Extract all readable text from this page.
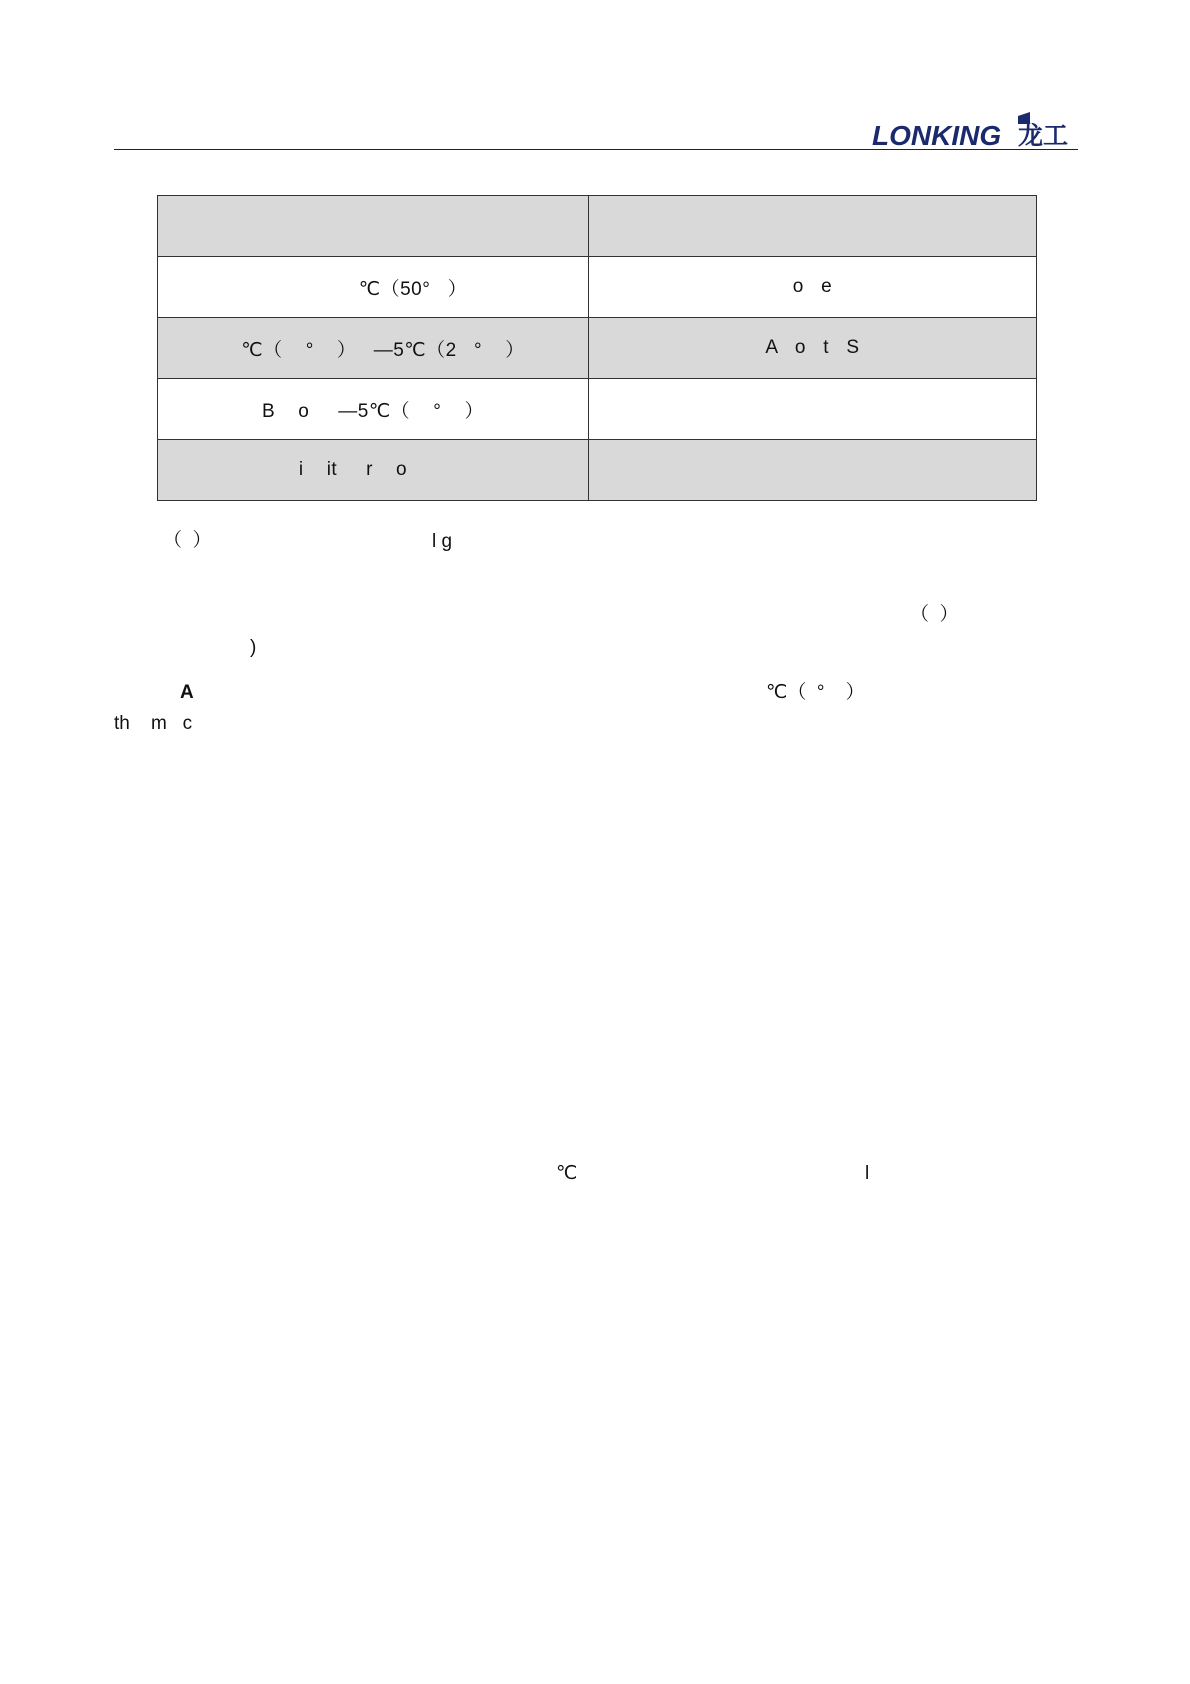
LONKING 龙工

℃（50°   ）	o   e
℃（    °    ）   —5℃（2   °    ）	A   o   t   S
B    o     —5℃（    °    ）	
i    it     r    o	
（  ）	l g
（  ）
)
A	℃（  °    ）
th    m   c
℃	l
